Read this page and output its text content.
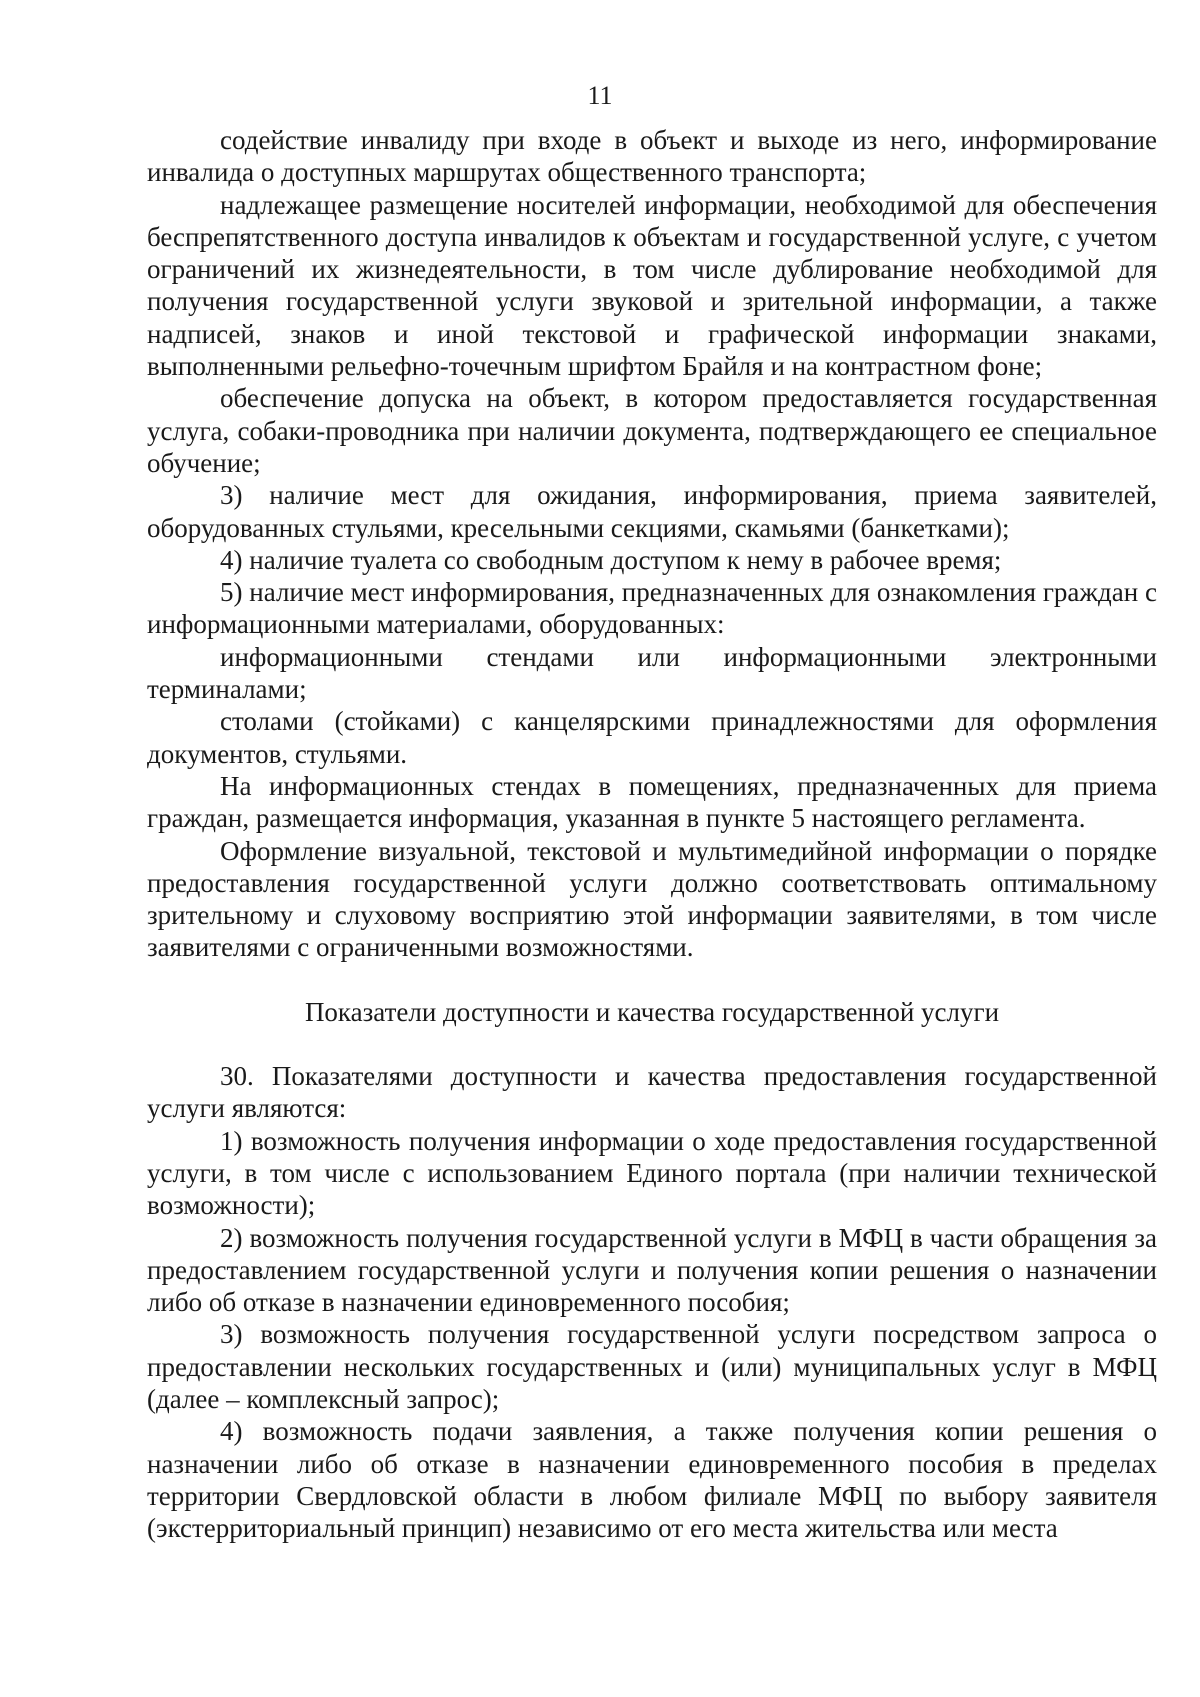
11

содействие инвалиду при входе в объект и выходе из него, информирование инвалида о доступных маршрутах общественного транспорта;

надлежащее размещение носителей информации, необходимой для обеспечения беспрепятственного доступа инвалидов к объектам и государственной услуге, с учетом ограничений их жизнедеятельности, в том числе дублирование необходимой для получения государственной услуги звуковой и зрительной информации, а также надписей, знаков и иной текстовой и графической информации знаками, выполненными рельефно-точечным шрифтом Брайля и на контрастном фоне;

обеспечение допуска на объект, в котором предоставляется государственная услуга, собаки-проводника при наличии документа, подтверждающего ее специальное обучение;

3) наличие мест для ожидания, информирования, приема заявителей, оборудованных стульями, кресельными секциями, скамьями (банкетками);

4) наличие туалета со свободным доступом к нему в рабочее время;

5) наличие мест информирования, предназначенных для ознакомления граждан с информационными материалами, оборудованных:

информационными стендами или информационными электронными терминалами;

столами (стойками) с канцелярскими принадлежностями для оформления документов, стульями.

На информационных стендах в помещениях, предназначенных для приема граждан, размещается информация, указанная в пункте 5 настоящего регламента.

Оформление визуальной, текстовой и мультимедийной информации о порядке предоставления государственной услуги должно соответствовать оптимальному зрительному и слуховому восприятию этой информации заявителями, в том числе заявителями с ограниченными возможностями.

Показатели доступности и качества государственной услуги

30. Показателями доступности и качества предоставления государственной услуги являются:

1) возможность получения информации о ходе предоставления государственной услуги, в том числе с использованием Единого портала (при наличии технической возможности);

2) возможность получения государственной услуги в МФЦ в части обращения за предоставлением государственной услуги и получения копии решения о назначении либо об отказе в назначении единовременного пособия;

3) возможность получения государственной услуги посредством запроса о предоставлении нескольких государственных и (или) муниципальных услуг в МФЦ (далее – комплексный запрос);

4) возможность подачи заявления, а также получения копии решения о назначении либо об отказе в назначении единовременного пособия в пределах территории Свердловской области в любом филиале МФЦ по выбору заявителя (экстерриториальный принцип) независимо от его места жительства или места
